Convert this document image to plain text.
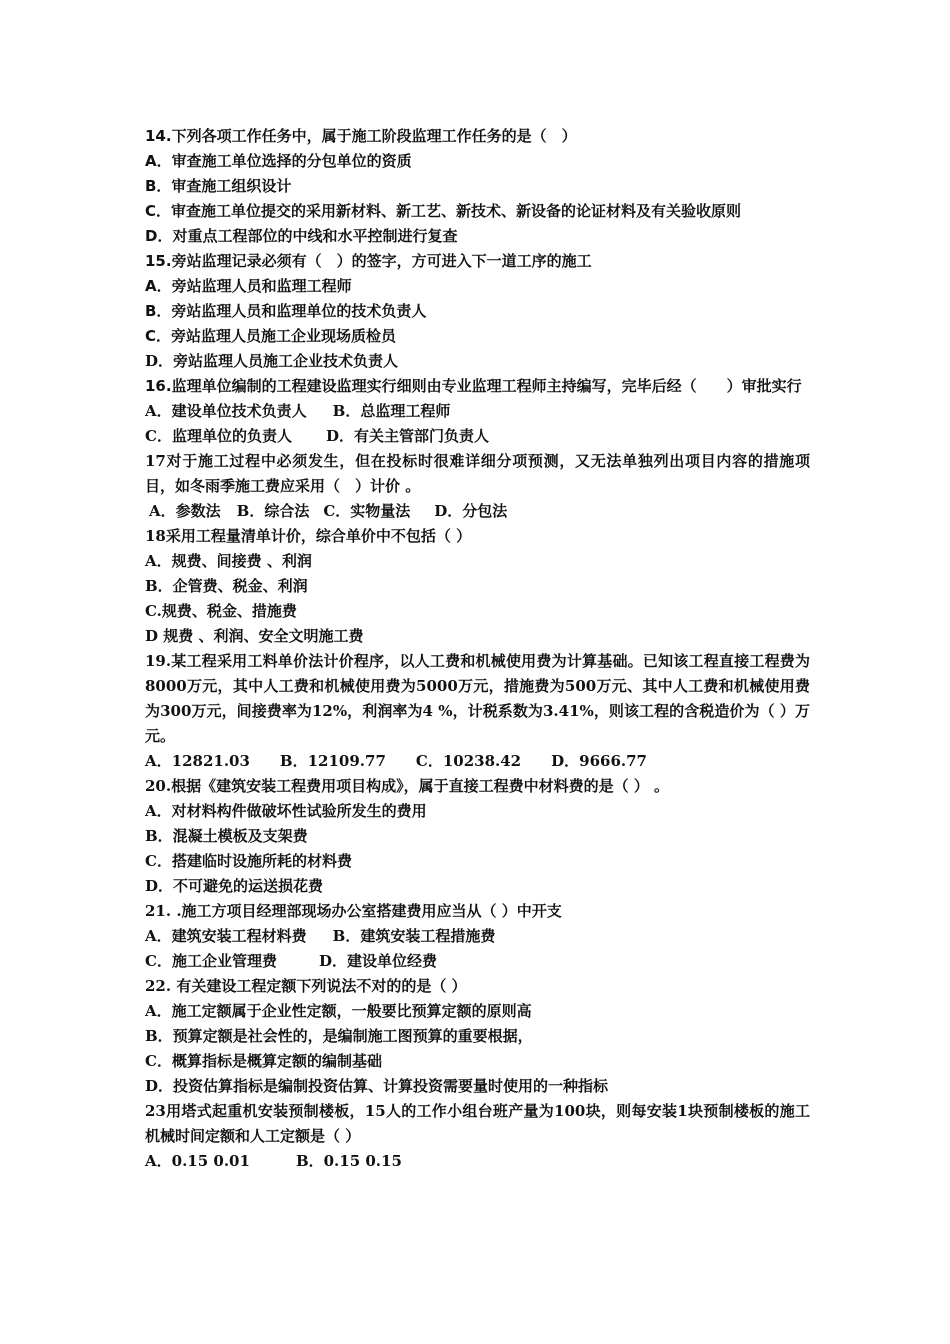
14.下列各项工作任务中，属于施工阶段监理工作任务的是（　）
A．审查施工单位选择的分包单位的资质
B．审查施工组织设计
C．审查施工单位提交的采用新材料、新工艺、新技术、新设备的论证材料及有关验收原则
D．对重点工程部位的中线和水平控制进行复查
15.旁站监理记录必须有（　）的签字，方可进入下一道工序的施工
A．旁站监理人员和监理工程师
B．旁站监理人员和监理单位的技术负责人
C．旁站监理人员施工企业现场质检员
D．旁站监理人员施工企业技术负责人
16.监理单位编制的工程建设监理实行细则由专业监理工程师主持编写，完毕后经（　　）审批实行
A．建设单位技术负责人 B．总监理工程师
C．监理单位的负责人 D．有关主管部门负责人
17对于施工过程中必须发生，但在投标时很难详细分项预测，又无法单独列出项目内容的措施项目，如冬雨季施工费应采用（　）计价 。
A．参数法 B．综合法 C．实物量法 D．分包法
18采用工程量清单计价，综合单价中不包括（ ）
A．规费、间接费 、利润
B．企管费、税金、利润
C.规费、税金、措施费
D 规费 、利润、安全文明施工费
19.某工程采用工料单价法计价程序，以人工费和机械使用费为计算基础。已知该工程直接工程费为8000万元，其中人工费和机械使用费为5000万元，措施费为500万元、其中人工费和机械使用费为300万元，间接费率为12%，利润率为4 %，计税系数为3.41%，则该工程的含税造价为（ ）万元。
A．12821.03 B．12109.77 C．10238.42 D．9666.77
20.根据《建筑安装工程费用项目构成》，属于直接工程费中材料费的是（ ） 。
A．对材料构件做破坏性试验所发生的费用
B．混凝土模板及支架费
C．搭建临时设施所耗的材料费
D．不可避免的运送损花费
21. .施工方项目经理部现场办公室搭建费用应当从（ ）中开支
A．建筑安装工程材料费 B．建筑安装工程措施费
C．施工企业管理费	D．建设单位经费
22. 有关建设工程定额下列说法不对的的是（ ）
A．施工定额属于企业性定额，一般要比预算定额的原则高
B．预算定额是社会性的，是编制施工图预算的重要根据，
C．概算指标是概算定额的编制基础
D．投资估算指标是编制投资估算、计算投资需要量时使用的一种指标
23用塔式起重机安装预制楼板，15人的工作小组台班产量为100块，则每安装1块预制楼板的施工机械时间定额和人工定额是（ ）
A．0.15 0.01	B．0.15 0.15
